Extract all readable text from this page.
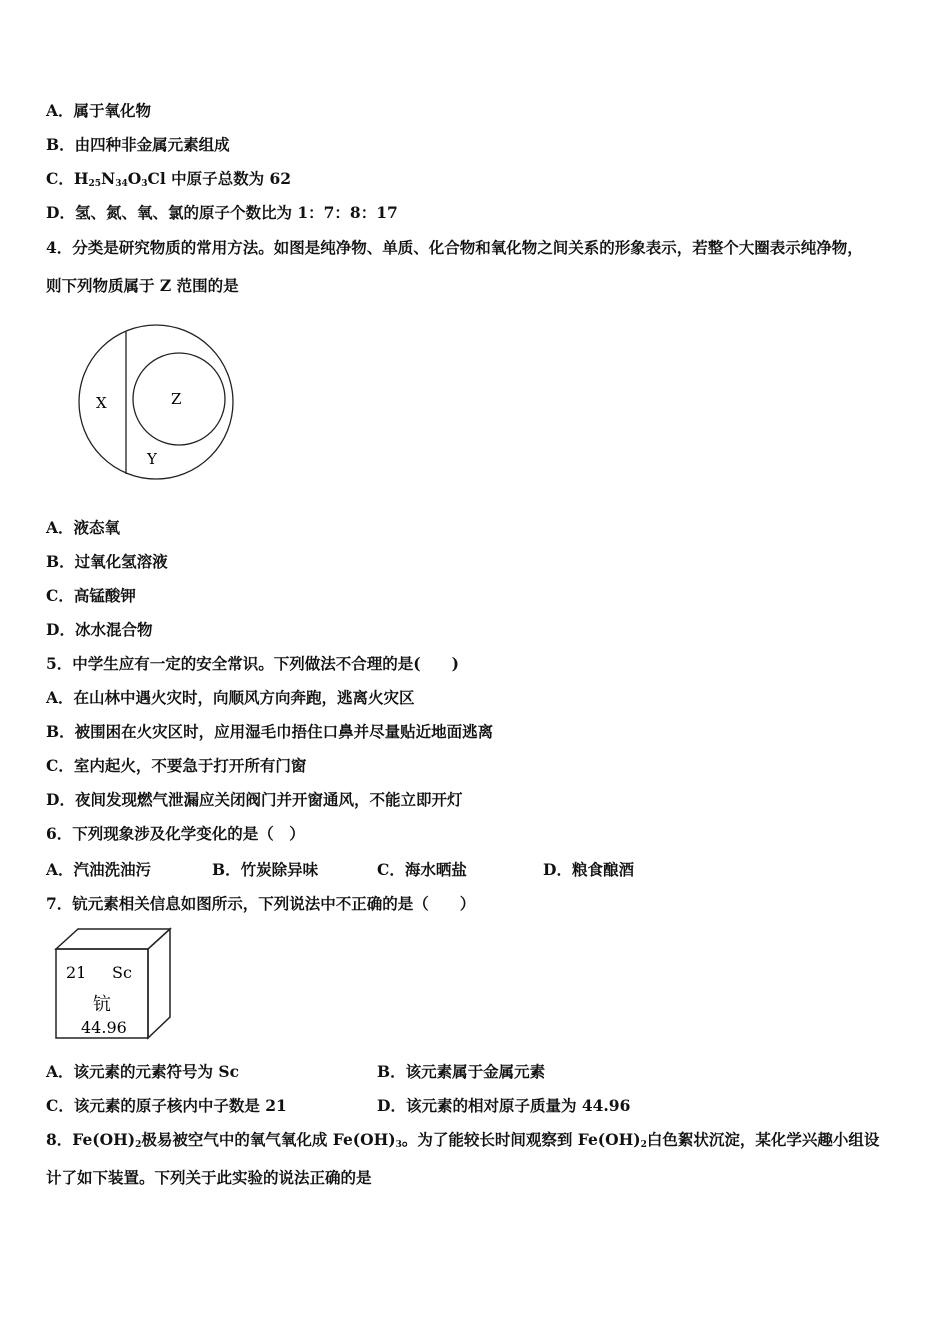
A．属于氧化物
B．由四种非金属元素组成
C．$H_{25}N_{34}O_3Cl$ 中原子总数为 62
D．氢、氮、氧、氯的原子个数比为 1：7：8：17
4．分类是研究物质的常用方法。如图是纯净物、单质、化合物和氧化物之间关系的形象表示，若整个大圈表示纯净物，
则下列物质属于 Z 范围的是
X	Z
Y
A．液态氧
B．过氧化氢溶液
C．高锰酸钾
D．冰水混合物
5．中学生应有一定的安全常识。下列做法不合理的是(　　)
A．在山林中遇火灾时，向顺风方向奔跑，逃离火灾区
B．被围困在火灾区时，应用湿毛巾捂住口鼻并尽量贴近地面逃离
C．室内起火，不要急于打开所有门窗
D．夜间发现燃气泄漏应关闭阀门并开窗通风，不能立即开灯
6．下列现象涉及化学变化的是（　）
A．汽油洗油污	B．竹炭除异味	C．海水晒盐	D．粮食酿酒
7．钪元素相关信息如图所示，下列说法中不正确的是（　　）
21 Sc
钪
44.96
A．该元素的元素符号为 Sc	B．该元素属于金属元素
C．该元素的原子核内中子数是 21	D．该元素的相对原子质量为 44.96
8．$Fe(OH)_2$极易被空气中的氧气氧化成 $Fe(OH)_3$。为了能较长时间观察到 $Fe(OH)_2$白色絮状沉淀，某化学兴趣小组设
计了如下装置。下列关于此实验的说法正确的是
